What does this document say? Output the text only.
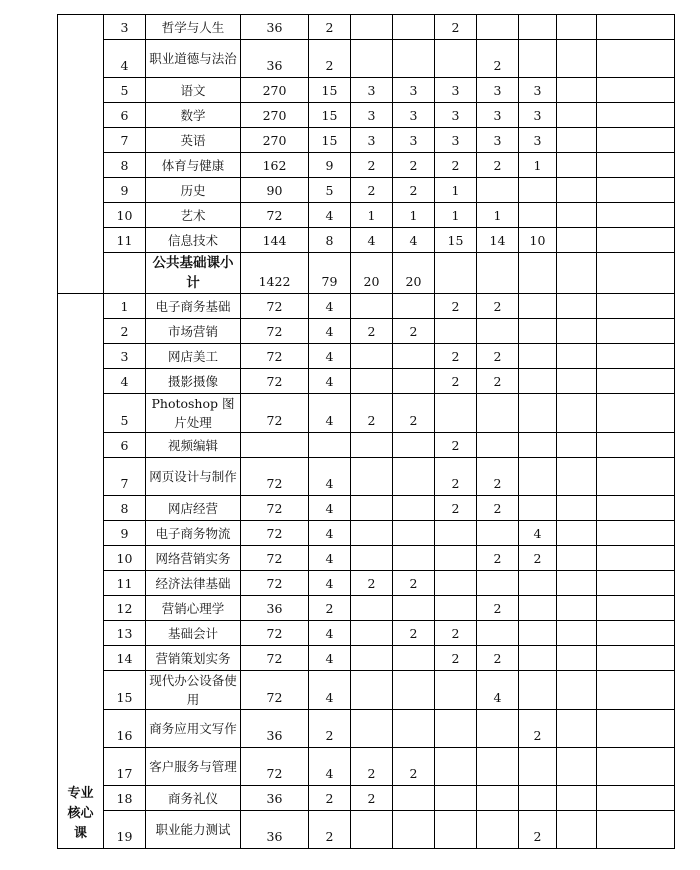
	3	哲学与人生	36	2			2				

	4	职业道德与法治	36	2				2			

	5	语文	270	15	3	3	3	3	3		

	6	数学	270	15	3	3	3	3	3		

	7	英语	270	15	3	3	3	3	3		

	8	体育与健康	162	9	2	2	2	2	1		

	9	历史	90	5	2	2	1				

	10	艺术	72	4	1	1	1	1			

	11	信息技术	144	8	4	4	15	14	10		

		公共基础课小计	1422	79	20	20					

专业核心课	1	电子商务基础	72	4			2	2			

	2	市场营销	72	4	2	2					

	3	网店美工	72	4			2	2			

	4	摄影摄像	72	4			2	2			

	5	Photoshop 图片处理	72	4	2	2					

	6	视频编辑					2				

	7	网页设计与制作	72	4			2	2			

	8	网店经营	72	4			2	2			

	9	电子商务物流	72	4					4		

	10	网络营销实务	72	4				2	2		

	11	经济法律基础	72	4	2	2					

	12	营销心理学	36	2				2			

	13	基础会计	72	4		2	2				

	14	营销策划实务	72	4			2	2			

	15	现代办公设备使用	72	4				4			

	16	商务应用文写作	36	2					2		

	17	客户服务与管理	72	4	2	2					

	18	商务礼仪	36	2	2						

	19	职业能力测试	36	2					2		
